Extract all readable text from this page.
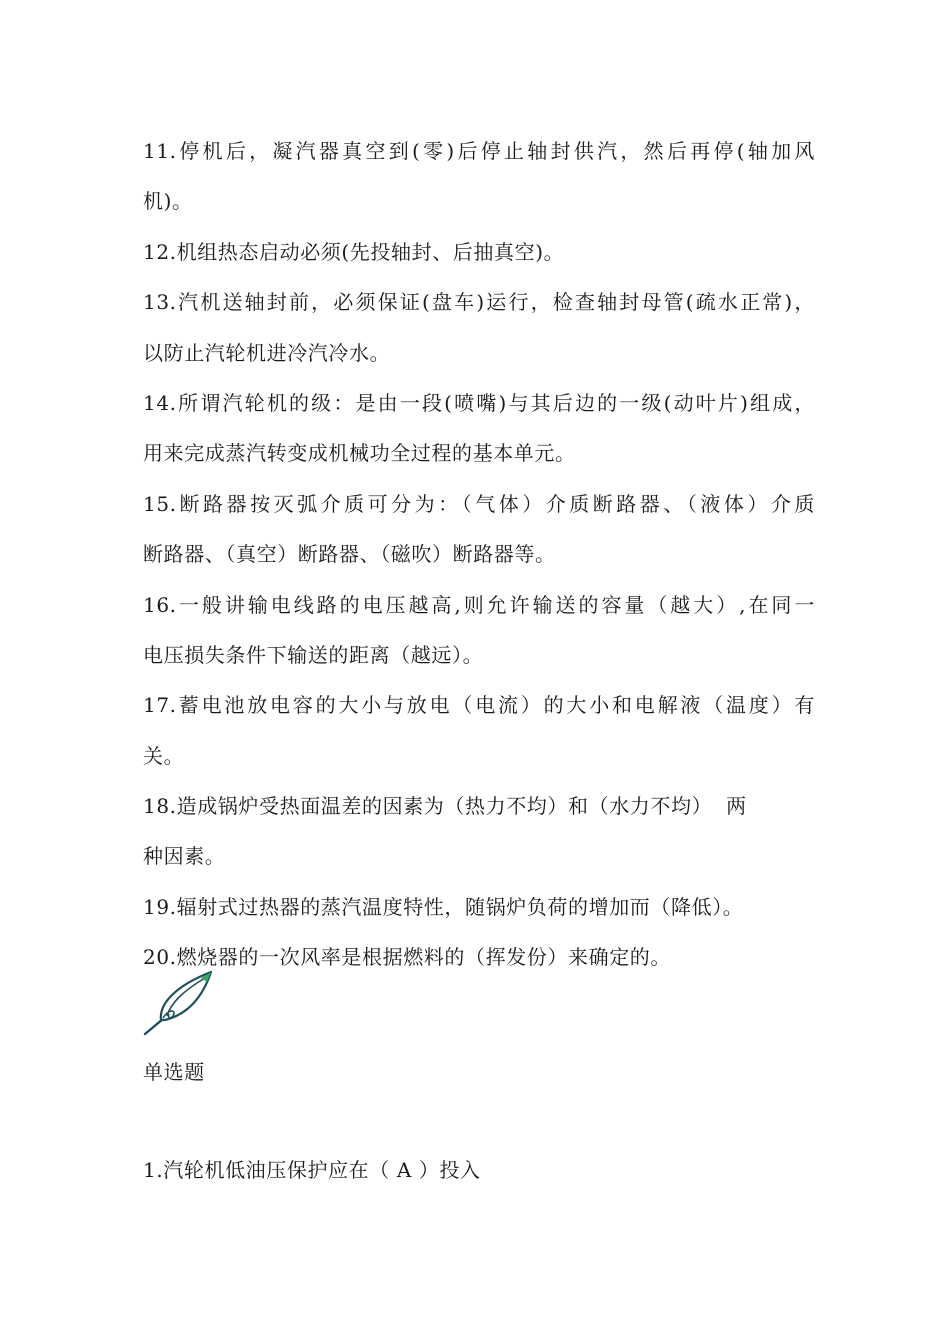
11.停机后，凝汽器真空到(零)后停止轴封供汽，然后再停(轴加风
机)。
12.机组热态启动必须(先投轴封、后抽真空)。
13.汽机送轴封前，必须保证(盘车)运行，检查轴封母管(疏水正常)，
以防止汽轮机进冷汽冷水。
14.所谓汽轮机的级：是由一段(喷嘴)与其后边的一级(动叶片)组成，
用来完成蒸汽转变成机械功全过程的基本单元。
15.断路器按灭弧介质可分为：（气体）介质断路器、（液体）介质
断路器、（真空）断路器、（磁吹）断路器等。
16.一般讲输电线路的电压越高,则允许输送的容量（越大）,在同一
电压损失条件下输送的距离（越远）。
17.蓄电池放电容的大小与放电（电流）的大小和电解液（温度）有
关。
18.造成锅炉受热面温差的因素为（热力不均）和（水力不均）  两
种因素。
19.辐射式过热器的蒸汽温度特性，随锅炉负荷的增加而（降低）。
20.燃烧器的一次风率是根据燃料的（挥发份）来确定的。
单选题
1.汽轮机低油压保护应在（ A ）投入
